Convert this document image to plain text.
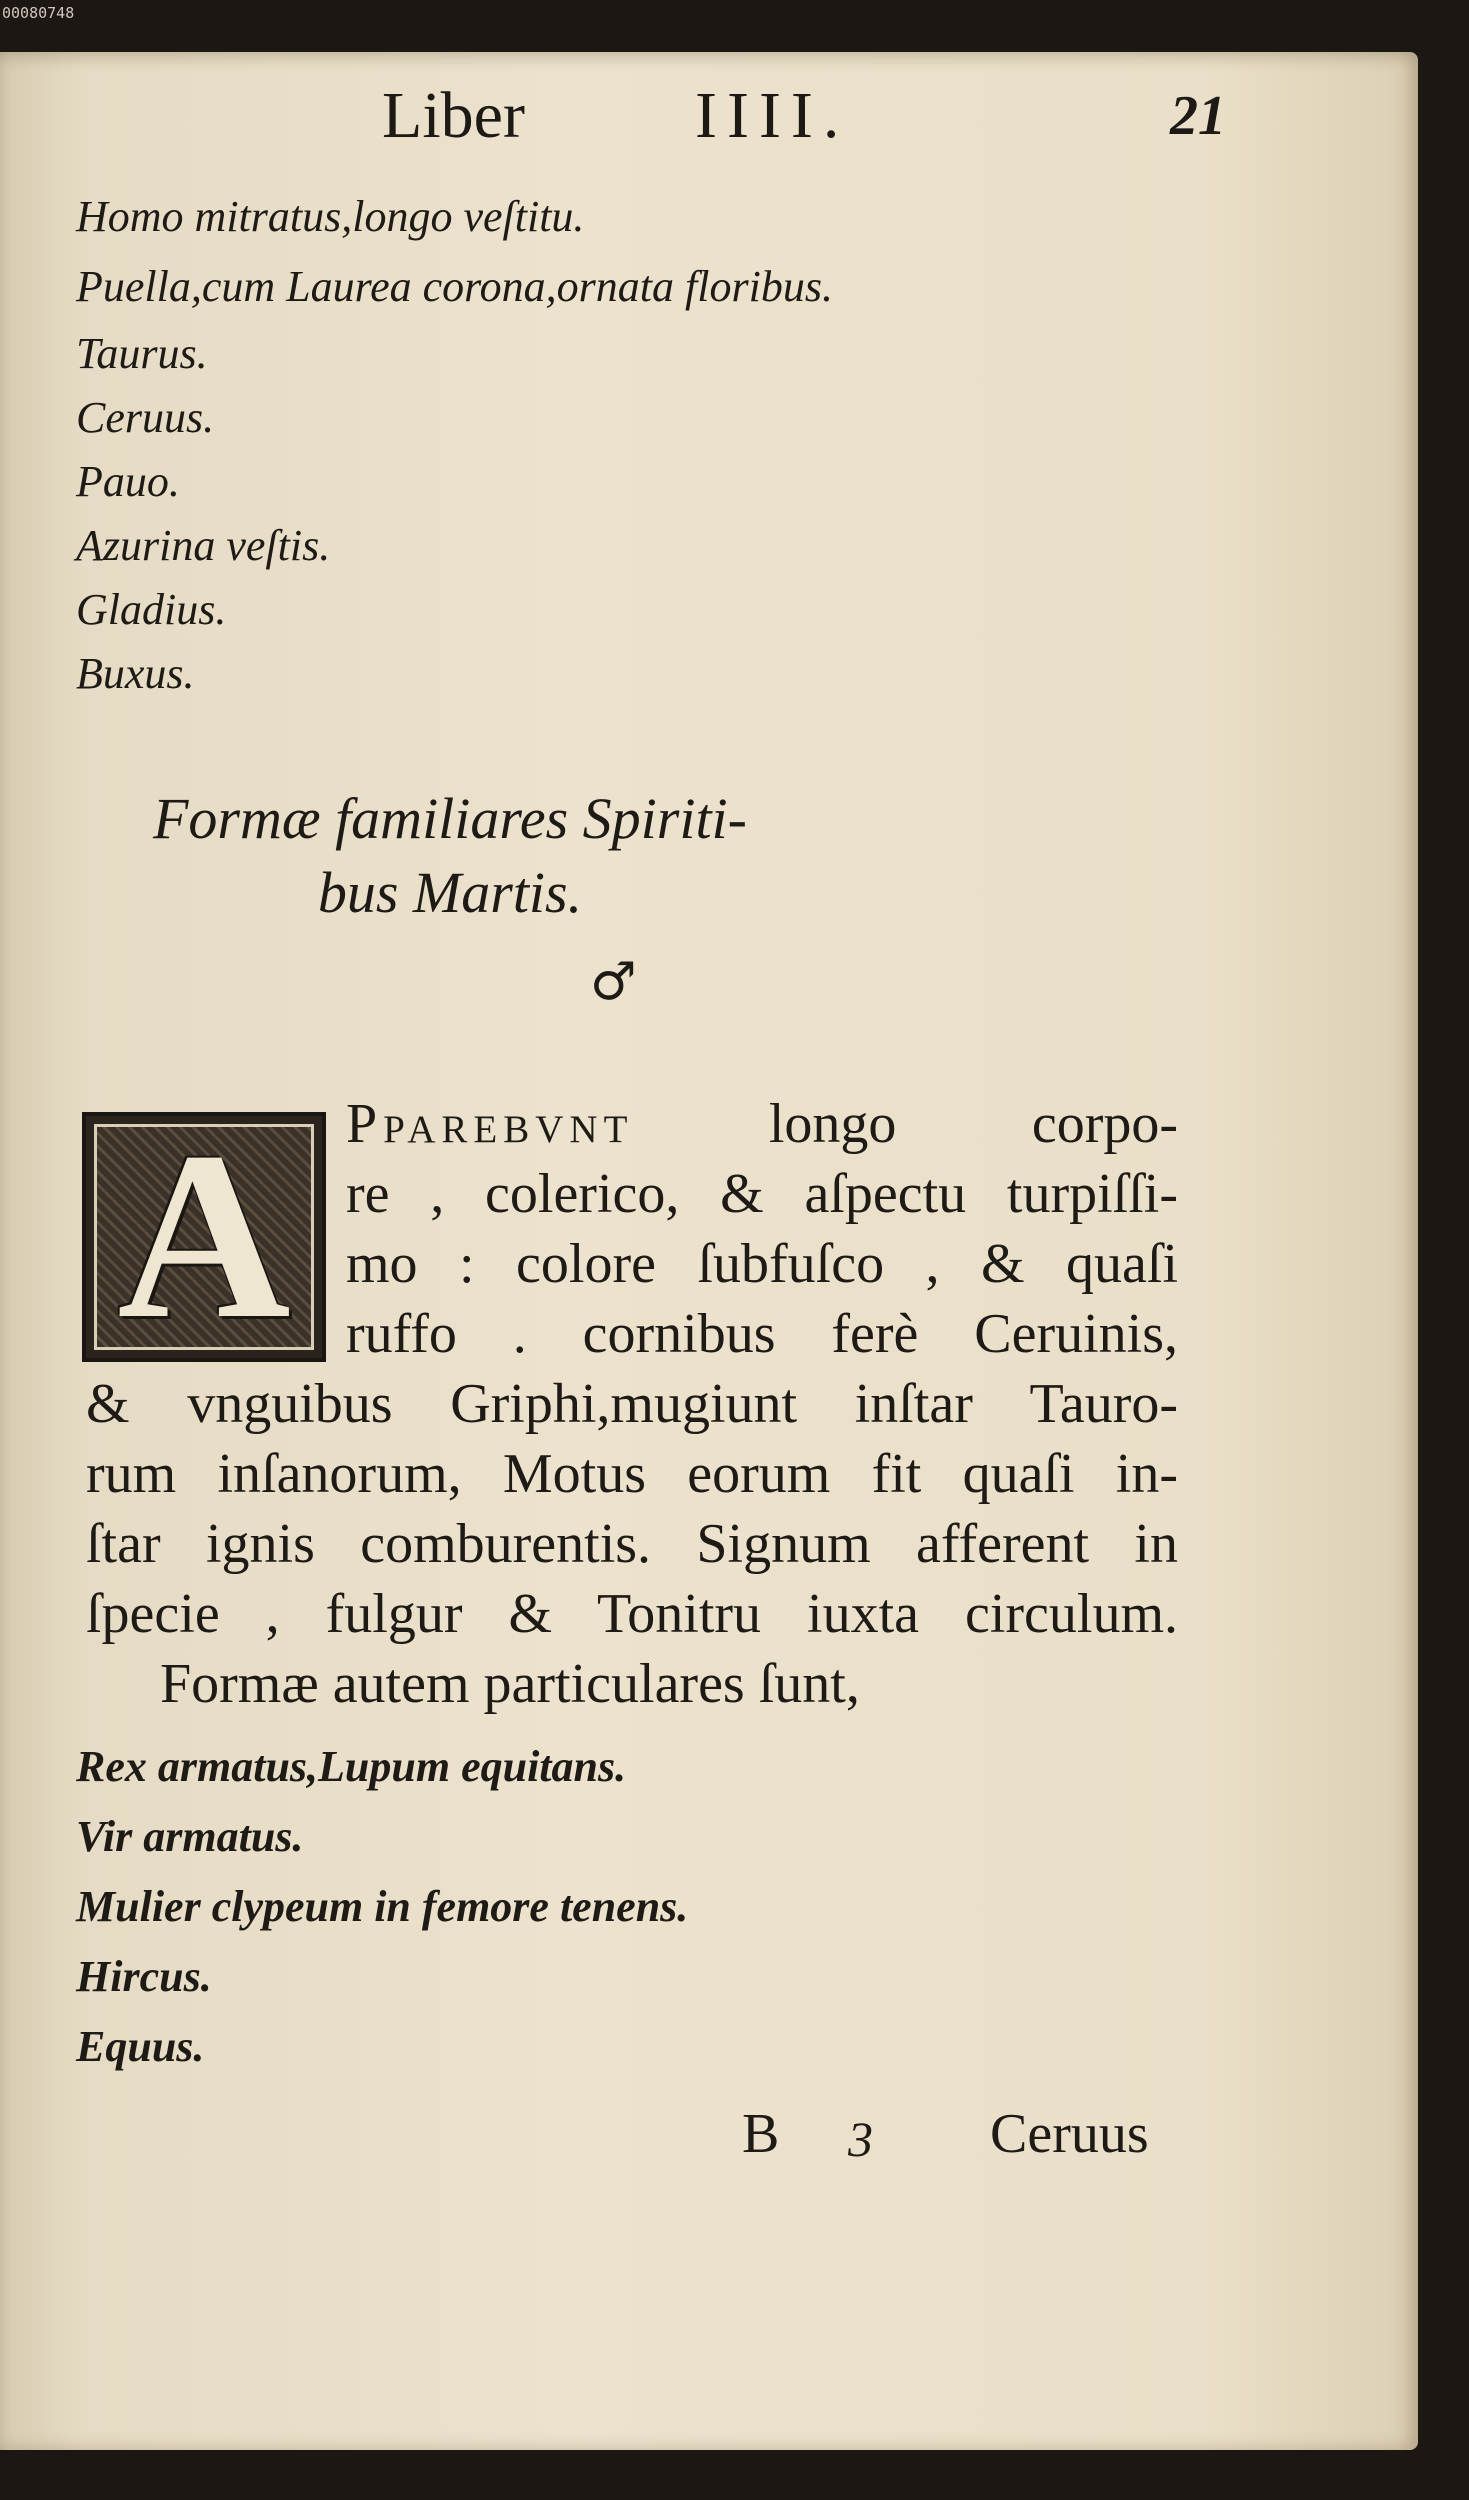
00080748
Liber	IIII.	21
Homo mitratus,longo veſtitu.
Puella,cum Laurea corona,ornata floribus.
Taurus.
Ceruus.
Pauo.
Azurina veſtis.
Gladius.
Buxus.
Formæ familiares Spiriti-
bus Martis.
♂
A Pparebvnt longo corpo-
re , colerico, & aſpectu turpiſſi-
mo : colore ſubfuſco , & quaſi
ruffo . cornibus ferè Ceruinis,
& vnguibus Griphi,mugiunt inſtar Tauro-
rum inſanorum, Motus eorum fit quaſi in-
ſtar ignis comburentis. Signum afferent in
ſpecie , fulgur & Tonitru iuxta circulum.
Formæ autem particulares ſunt,
Rex armatus,Lupum equitans.
Vir armatus.
Mulier clypeum in femore tenens.
Hircus.
Equus.
B 3 Ceruus
